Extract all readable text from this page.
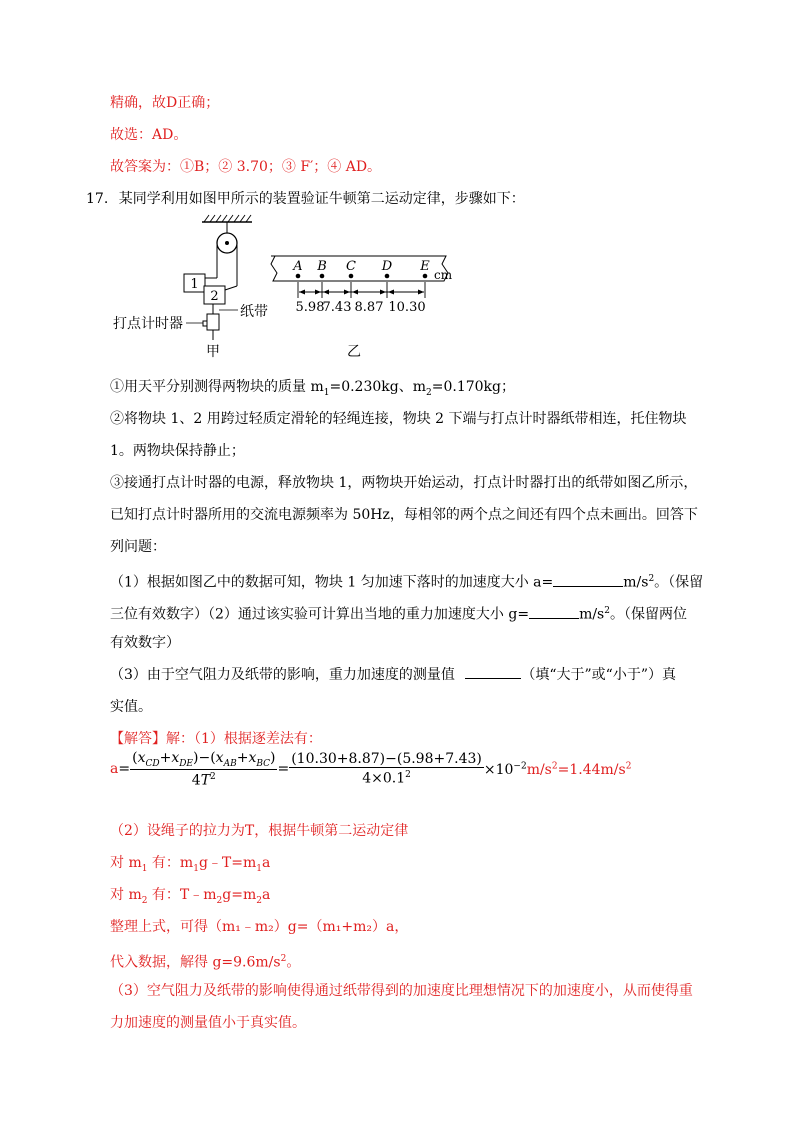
精确，故D正确；
故选：AD。
故答案为：①B；② 3.70；③ F′；④ AD。
17. 某同学利用如图甲所示的装置验证牛顿第二运动定律，步骤如下：
1
2
打点计时器
纸带
甲
A B C D E
cm
5.98
7.43 8.87 10.30
乙
①用天平分别测得两物块的质量 $m_1=0.230kg$、$m_2=0.170kg$；
②将物块 1、2 用跨过轻质定滑轮的轻绳连接，物块 2 下端与打点计时器纸带相连，托住物块
1。两物块保持静止；
③接通打点计时器的电源，释放物块 1，两物块开始运动，打点计时器打出的纸带如图乙所示，
已知打点计时器所用的交流电源频率为 50Hz，每相邻的两个点之间还有四个点未画出。回答下
列问题：
（1）根据如图乙中的数据可知，物块 1 匀加速下落时的加速度大小 a=	$m/s^2$。（保留
三位有效数字）（2）通过该实验可计算出当地的重力加速度大小 g=	$m/s^2$。（保留两位
有效数字）
（3）由于空气阻力及纸带的影响，重力加速度的测量值	（填“大于”或“小于”）真
实值。
【解答】解：（1）根据逐差法有：
$a= \frac{(x_{CD}+x_{DE})-(x_{AB}+x_{BC})}{4T^2} = \frac{(10.30+8.87)-(5.98+7.43)}{4\times 0.1^2} \times 10^{-2}m/s^2=1.44m/s^2$
（2）设绳子的拉力为T，根据牛顿第二运动定律
对 $m_1$ 有：$m_1g﹣T=m_1a$
对 $m_2$ 有：$T﹣m_2g=m_2a$
整理上式，可得（m₁﹣m₂）g=（m₁+m₂）a，
代入数据，解得 $g=9.6m/s^2$。
（3）空气阻力及纸带的影响使得通过纸带得到的加速度比理想情况下的加速度小，从而使得重
力加速度的测量值小于真实值。
